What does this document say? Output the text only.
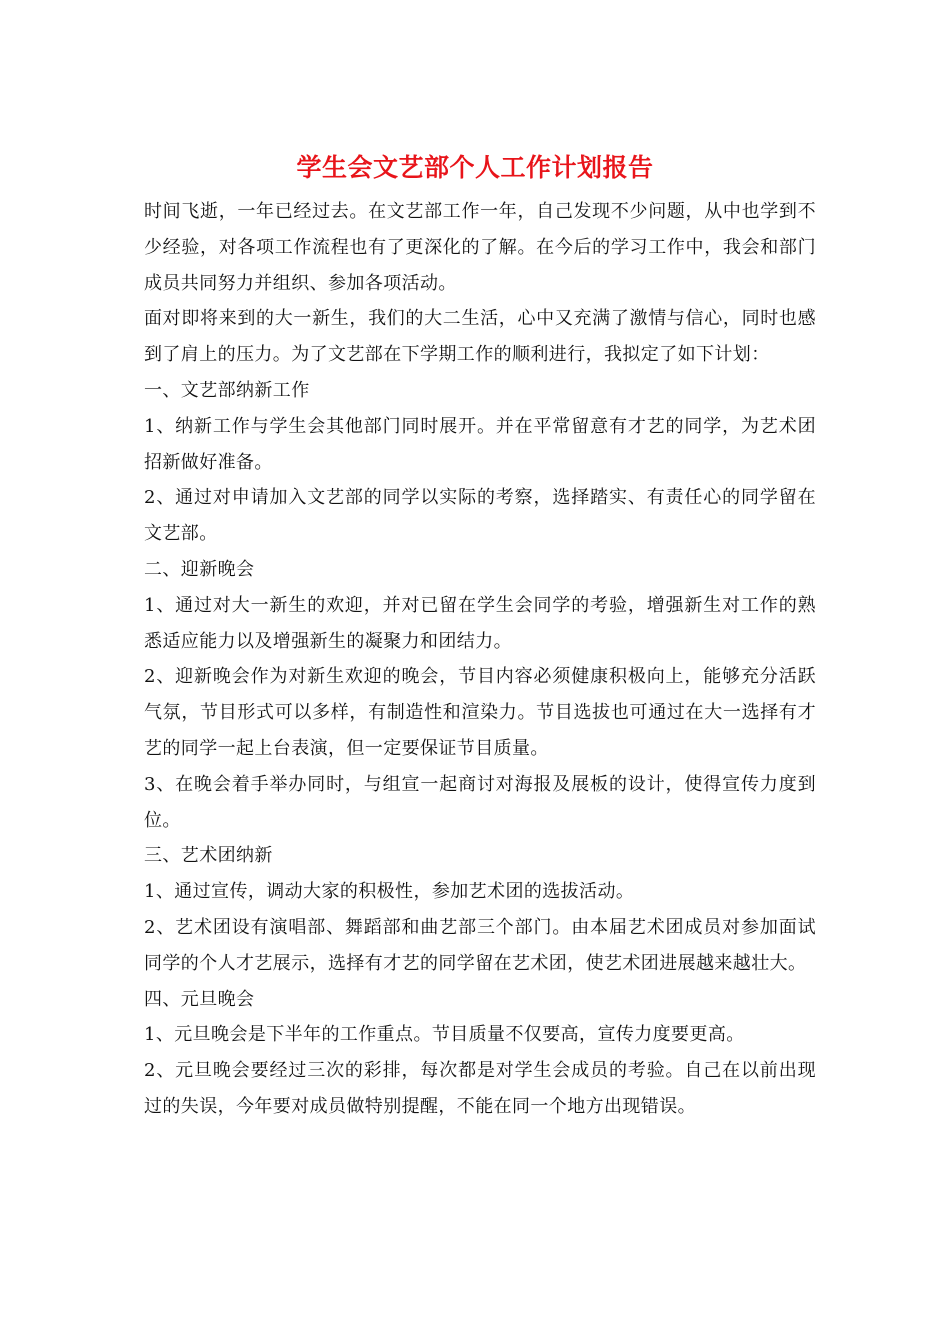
学生会文艺部个人工作计划报告

时间飞逝，一年已经过去。在文艺部工作一年，自己发现不少问题，从中也学到不少经验，对各项工作流程也有了更深化的了解。在今后的学习工作中，我会和部门成员共同努力并组织、参加各项活动。

面对即将来到的大一新生，我们的大二生活，心中又充满了激情与信心，同时也感到了肩上的压力。为了文艺部在下学期工作的顺利进行，我拟定了如下计划：

一、文艺部纳新工作

1、纳新工作与学生会其他部门同时展开。并在平常留意有才艺的同学，为艺术团招新做好准备。

2、通过对申请加入文艺部的同学以实际的考察，选择踏实、有责任心的同学留在文艺部。

二、迎新晚会

1、通过对大一新生的欢迎，并对已留在学生会同学的考验，增强新生对工作的熟悉适应能力以及增强新生的凝聚力和团结力。

2、迎新晚会作为对新生欢迎的晚会，节目内容必须健康积极向上，能够充分活跃气氛，节目形式可以多样，有制造性和渲染力。节目选拔也可通过在大一选择有才艺的同学一起上台表演，但一定要保证节目质量。

3、在晚会着手举办同时，与组宣一起商讨对海报及展板的设计，使得宣传力度到位。

三、艺术团纳新

1、通过宣传，调动大家的积极性，参加艺术团的选拔活动。

2、艺术团设有演唱部、舞蹈部和曲艺部三个部门。由本届艺术团成员对参加面试同学的个人才艺展示，选择有才艺的同学留在艺术团，使艺术团进展越来越壮大。

四、元旦晚会

1、元旦晚会是下半年的工作重点。节目质量不仅要高，宣传力度要更高。

2、元旦晚会要经过三次的彩排，每次都是对学生会成员的考验。自己在以前出现过的失误，今年要对成员做特别提醒，不能在同一个地方出现错误。
